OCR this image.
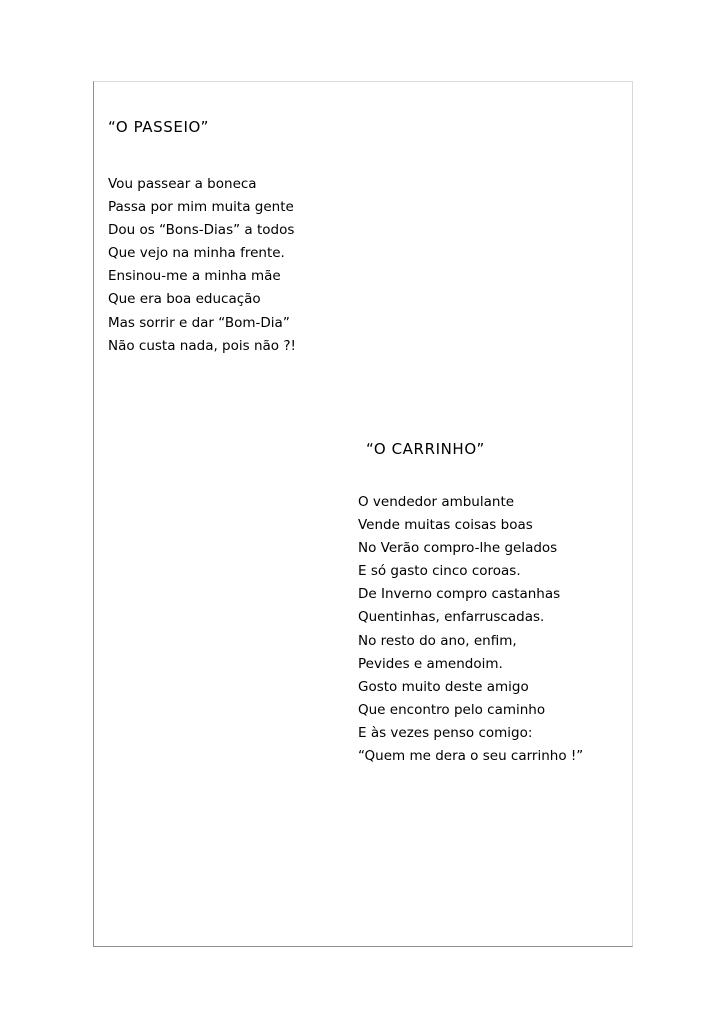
“O PASSEIO”
Vou passear a boneca
Passa por mim muita gente
Dou os “Bons-Dias” a todos
Que vejo na minha frente.
Ensinou-me a minha mãe
Que era boa educação
Mas sorrir e dar “Bom-Dia”
Não custa nada, pois não ?!
“O CARRINHO”
O vendedor ambulante
Vende muitas coisas boas
No Verão compro-lhe gelados
E só gasto cinco coroas.
De Inverno compro castanhas
Quentinhas, enfarruscadas.
No resto do ano, enfim,
Pevides e amendoim.
Gosto muito deste amigo
Que encontro pelo caminho
E às vezes penso comigo:
“Quem me dera o seu carrinho !”
